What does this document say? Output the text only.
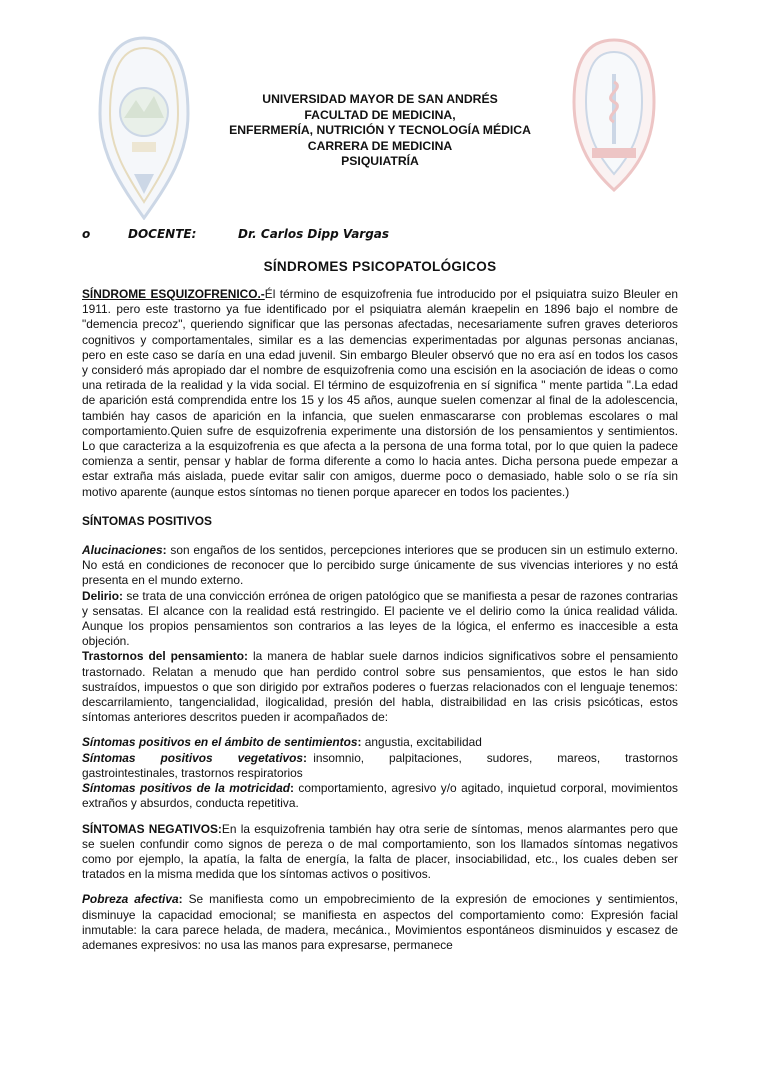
UNIVERSIDAD MAYOR DE SAN ANDRÉS
FACULTAD DE MEDICINA,
ENFERMERÍA, NUTRICIÓN Y TECNOLOGÍA MÉDICA
CARRERA DE MEDICINA
PSIQUIATRÍA
o	DOCENTE:	Dr. Carlos Dipp Vargas
SÍNDROMES PSICOPATOLÓGICOS

SÍNDROME ESQUIZOFRENICO.-Él término de esquizofrenia fue introducido por el psiquiatra suizo Bleuler en 1911. pero este trastorno ya fue identificado por el psiquiatra alemán kraepelin en 1896 bajo el nombre de "demencia precoz", queriendo significar que las personas afectadas, necesariamente sufren graves deterioros cognitivos y comportamentales, similar es a las demencias experimentadas por algunas personas ancianas, pero en este caso se daría en una edad juvenil. Sin embargo Bleuler observó que no era así en todos los casos y consideró más apropiado dar el nombre de esquizofrenia como una escisión en la asociación de ideas o como una retirada de la realidad y la vida social. El término de esquizofrenia en sí significa " mente partida ".La edad de aparición está comprendida entre los 15 y los 45 años, aunque suelen comenzar al final de la adolescencia, también hay casos de aparición en la infancia, que suelen enmascararse con problemas escolares o mal comportamiento.Quien sufre de esquizofrenia experimente una distorsión de los pensamientos y sentimientos. Lo que caracteriza a la esquizofrenia es que afecta a la persona de una forma total, por lo que quien la padece comienza a sentir, pensar y hablar de forma diferente a como lo hacia antes. Dicha persona puede empezar a estar extraña más aislada, puede evitar salir con amigos, duerme poco o demasiado, hable solo o se ría sin motivo aparente (aunque estos síntomas no tienen porque aparecer en todos los pacientes.)

SÍNTOMAS POSITIVOS

Alucinaciones: son engaños de los sentidos, percepciones interiores que se producen sin un estimulo externo. No está en condiciones de reconocer que lo percibido surge únicamente de sus vivencias interiores y no está presenta en el mundo externo.

Delirio: se trata de una convicción errónea de origen patológico que se manifiesta a pesar de razones contrarias y sensatas. El alcance con la realidad está restringido. El paciente ve el delirio como la única realidad válida. Aunque los propios pensamientos son contrarios a las leyes de la lógica, el enfermo es inaccesible a esta objeción.

Trastornos del pensamiento: la manera de hablar suele darnos indicios significativos sobre el pensamiento trastornado. Relatan a menudo que han perdido control sobre sus pensamientos, que estos le han sido sustraídos, impuestos o que son dirigido por extraños poderes o fuerzas relacionados con el lenguaje tenemos: descarrilamiento, tangencialidad, ilogicalidad, presión del habla, distraibilidad en las crisis psicóticas, estos síntomas anteriores descritos pueden ir acompañados de:

Síntomas positivos en el ámbito de sentimientos: angustia, excitabilidad

Síntomas    positivos    vegetativos: insomnio,    palpitaciones,    sudores,    mareos,    trastornos gastrointestinales, trastornos respiratorios

Síntomas positivos de la motricidad: comportamiento, agresivo y/o agitado, inquietud corporal, movimientos extraños y absurdos, conducta repetitiva.

SÍNTOMAS NEGATIVOS:En la esquizofrenia también hay otra serie de síntomas, menos alarmantes pero que se suelen confundir como signos de pereza o de mal comportamiento, son los llamados síntomas negativos como por ejemplo, la apatía, la falta de energía, la falta de placer, insociabilidad, etc., los cuales deben ser tratados en la misma medida que los síntomas activos o positivos.

Pobreza afectiva: Se manifiesta como un empobrecimiento de la expresión de emociones y sentimientos, disminuye la capacidad emocional; se manifiesta en aspectos del comportamiento como: Expresión facial inmutable: la cara parece helada, de madera, mecánica., Movimientos espontáneos disminuidos y escasez de ademanes expresivos: no usa las manos para expresarse, permanece
